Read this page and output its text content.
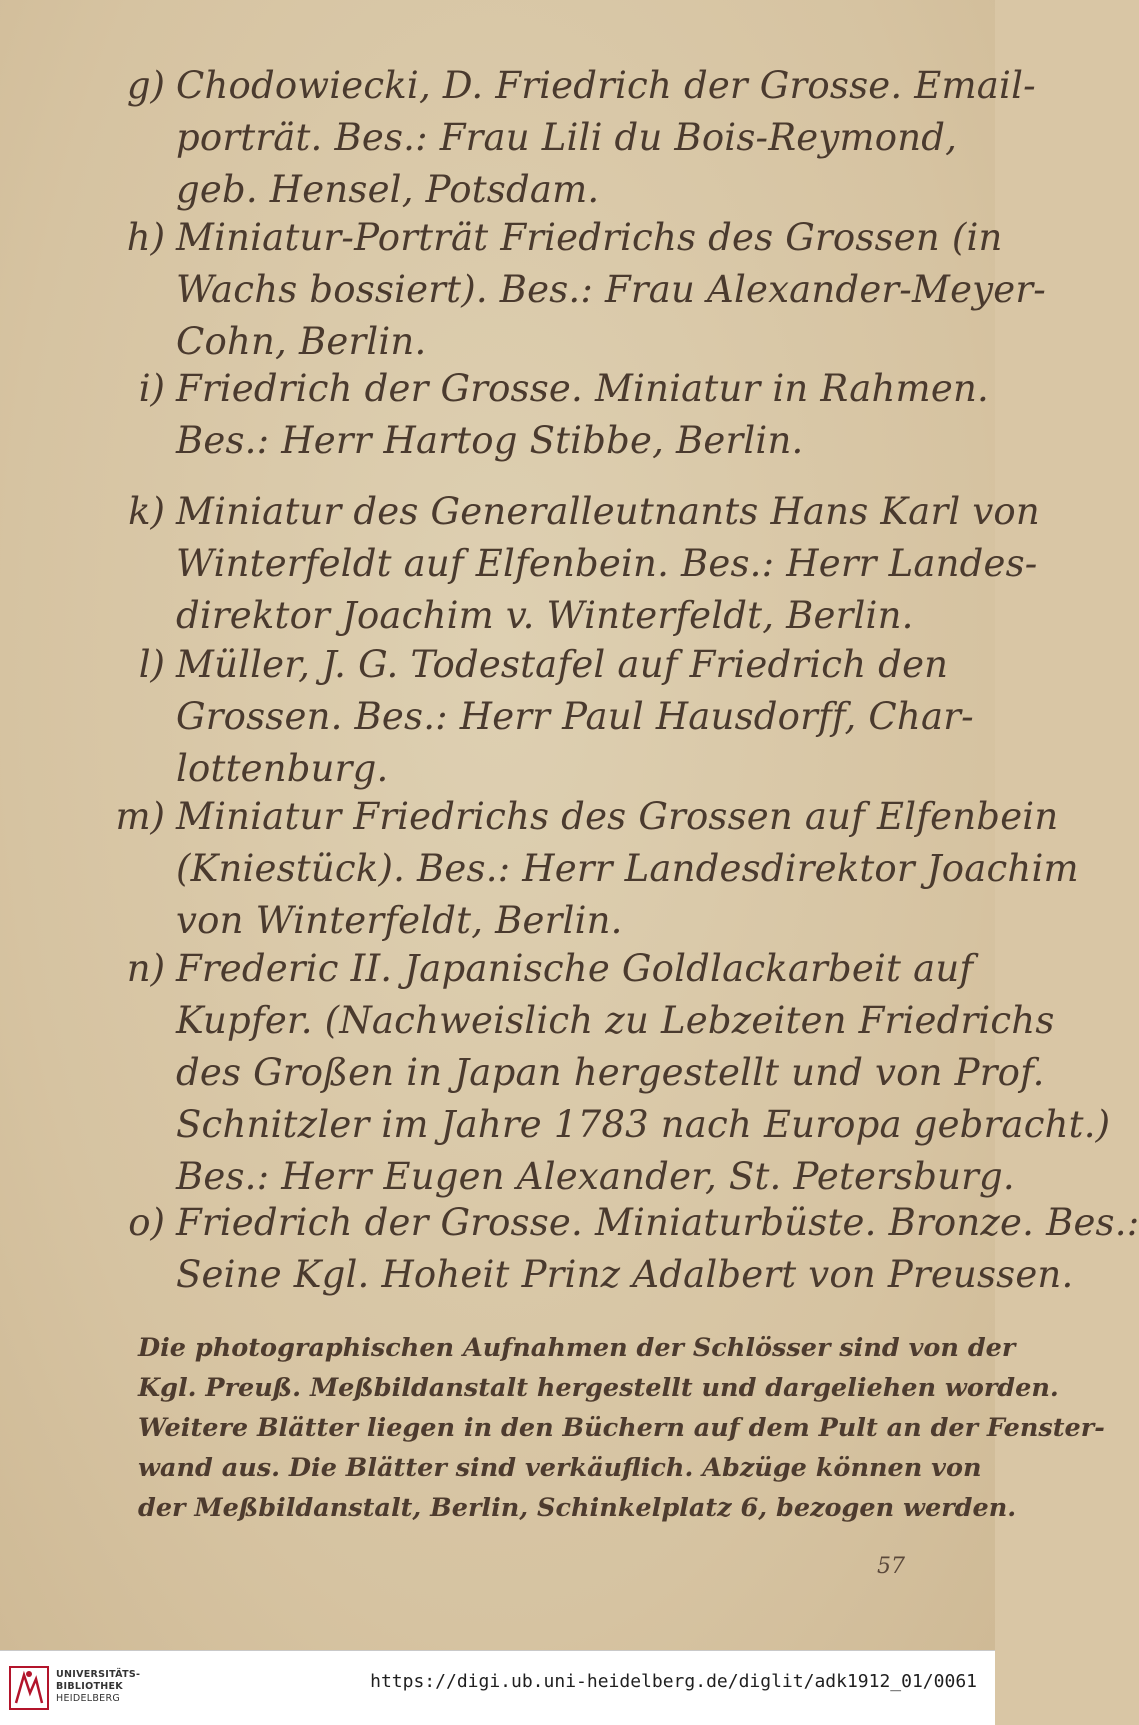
g) Chodowiecki, D. Friedrich der Grosse. Email-
porträt. Bes.: Frau Lili du Bois-Reymond,
geb. Hensel, Potsdam.
h) Miniatur-Porträt Friedrichs des Grossen (in
Wachs bossiert). Bes.: Frau Alexander-Meyer-
Cohn, Berlin.
i) Friedrich der Grosse. Miniatur in Rahmen.
Bes.: Herr Hartog Stibbe, Berlin.
k) Miniatur des Generalleutnants Hans Karl von
Winterfeldt auf Elfenbein. Bes.: Herr Landes-
direktor Joachim v. Winterfeldt, Berlin.
l) Müller, J. G. Todestafel auf Friedrich den
Grossen. Bes.: Herr Paul Hausdorff, Char-
lottenburg.
m) Miniatur Friedrichs des Grossen auf Elfenbein
(Kniestück). Bes.: Herr Landesdirektor Joachim
von Winterfeldt, Berlin.
n) Frederic II. Japanische Goldlackarbeit auf
Kupfer. (Nachweislich zu Lebzeiten Friedrichs
des Großen in Japan hergestellt und von Prof.
Schnitzler im Jahre 1783 nach Europa gebracht.)
Bes.: Herr Eugen Alexander, St. Petersburg.
o) Friedrich der Grosse. Miniaturbüste. Bronze. Bes.:
Seine Kgl. Hoheit Prinz Adalbert von Preussen.
Die photographischen Aufnahmen der Schlösser sind von der
Kgl. Preuß. Meßbildanstalt hergestellt und dargeliehen worden.
Weitere Blätter liegen in den Büchern auf dem Pult an der Fenster-
wand aus. Die Blätter sind verkäuflich. Abzüge können von
der Meßbildanstalt, Berlin, Schinkelplatz 6, bezogen werden.
57
UNIVERSITÄTS-
BIBLIOTHEK
HEIDELBERG
https://digi.ub.uni-heidelberg.de/diglit/adk1912_01/0061
